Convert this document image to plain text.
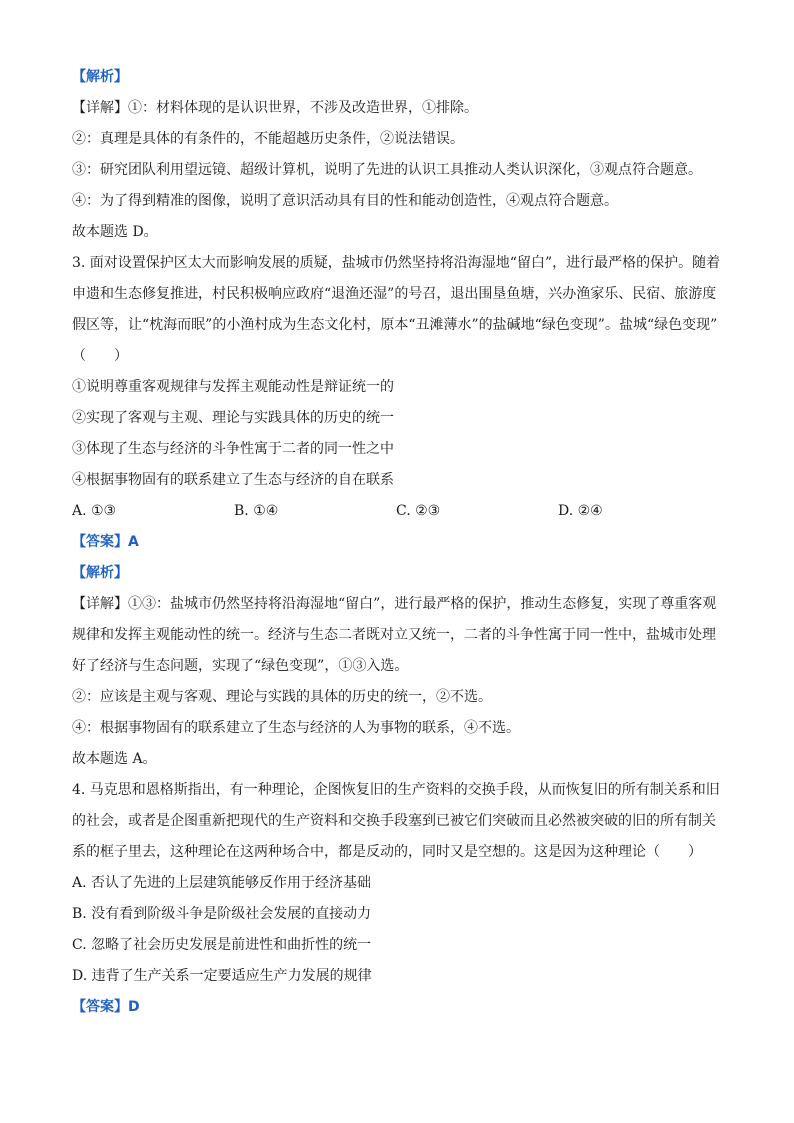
【解析】
【详解】①：材料体现的是认识世界，不涉及改造世界，①排除。
②：真理是具体的有条件的，不能超越历史条件，②说法错误。
③：研究团队利用望远镜、超级计算机，说明了先进的认识工具推动人类认识深化，③观点符合题意。
④：为了得到精准的图像，说明了意识活动具有目的性和能动创造性，④观点符合题意。
故本题选 D。
3. 面对设置保护区太大而影响发展的质疑，盐城市仍然坚持将沿海湿地“留白”，进行最严格的保护。随着
申遗和生态修复推进，村民积极响应政府“退渔还湿”的号召，退出围垦鱼塘，兴办渔家乐、民宿、旅游度
假区等，让“枕海而眠”的小渔村成为生态文化村，原本“丑滩薄水”的盐碱地“绿色变现”。盐城“绿色变现”
（　　）
①说明尊重客观规律与发挥主观能动性是辩证统一的
②实现了客观与主观、理论与实践具体的历史的统一
③体现了生态与经济的斗争性寓于二者的同一性之中
④根据事物固有的联系建立了生态与经济的自在联系
A. ①③	B. ①④	C. ②③	D. ②④
【答案】A
【解析】
【详解】①③：盐城市仍然坚持将沿海湿地“留白”，进行最严格的保护，推动生态修复，实现了尊重客观
规律和发挥主观能动性的统一。经济与生态二者既对立又统一，二者的斗争性寓于同一性中，盐城市处理
好了经济与生态问题，实现了“绿色变现”，①③入选。
②：应该是主观与客观、理论与实践的具体的历史的统一，②不选。
④：根据事物固有的联系建立了生态与经济的人为事物的联系，④不选。
故本题选 A。
4. 马克思和恩格斯指出，有一种理论，企图恢复旧的生产资料的交换手段，从而恢复旧的所有制关系和旧
的社会，或者是企图重新把现代的生产资料和交换手段塞到已被它们突破而且必然被突破的旧的所有制关
系的框子里去，这种理论在这两种场合中，都是反动的，同时又是空想的。这是因为这种理论（　　）
A. 否认了先进的上层建筑能够反作用于经济基础
B. 没有看到阶级斗争是阶级社会发展的直接动力
C. 忽略了社会历史发展是前进性和曲折性的统一
D. 违背了生产关系一定要适应生产力发展的规律
【答案】D
